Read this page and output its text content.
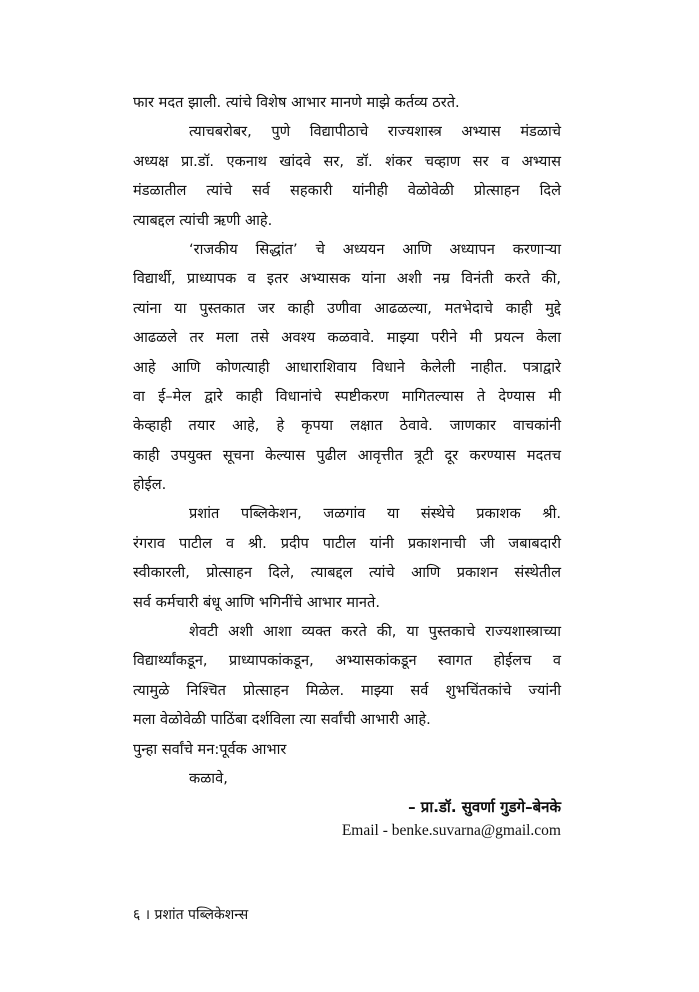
फार मदत झाली. त्यांचे विशेष आभार मानणे माझे कर्तव्य ठरते.
त्याचबरोबर, पुणे विद्यापीठाचे राज्यशास्त्र अभ्यास मंडळाचे
अध्यक्ष प्रा.डॉ. एकनाथ खांदवे सर, डॉ. शंकर चव्हाण सर व अभ्यास
मंडळातील त्यांचे सर्व सहकारी यांनीही वेळोवेळी प्रोत्साहन दिले
त्याबद्दल त्यांची ऋणी आहे.
‘राजकीय सिद्धांत’ चे अध्ययन आणि अध्यापन करणाऱ्या
विद्यार्थी, प्राध्यापक व इतर अभ्यासक यांना अशी नम्र विनंती करते की,
त्यांना या पुस्तकात जर काही उणीवा आढळल्या, मतभेदाचे काही मुद्दे
आढळले तर मला तसे अवश्य कळवावे. माझ्या परीने मी प्रयत्न केला
आहे आणि कोणत्याही आधाराशिवाय विधाने केलेली नाहीत. पत्राद्वारे
वा ई–मेल द्वारे काही विधानांचे स्पष्टीकरण मागितल्यास ते देण्यास मी
केव्हाही तयार आहे, हे कृपया लक्षात ठेवावे. जाणकार वाचकांनी
काही उपयुक्त सूचना केल्यास पुढील आवृत्तीत त्रूटी दूर करण्यास मदतच
होईल.
प्रशांत पब्लिकेशन, जळगांव या संस्थेचे प्रकाशक श्री.
रंगराव पाटील व श्री. प्रदीप पाटील यांनी प्रकाशनाची जी जबाबदारी
स्वीकारली, प्रोत्साहन दिले, त्याबद्दल त्यांचे आणि प्रकाशन संस्थेतील
सर्व कर्मचारी बंधू आणि भगिनींचे आभार मानते.
शेवटी अशी आशा व्यक्त करते की, या पुस्तकाचे राज्यशास्त्राच्या
विद्यार्थ्यांकडून, प्राध्यापकांकडून, अभ्यासकांकडून स्वागत होईलच व
त्यामुळे निश्चित प्रोत्साहन मिळेल. माझ्या सर्व शुभचिंतकांचे ज्यांनी
मला वेळोवेळी पाठिंबा दर्शविला त्या सर्वांची आभारी आहे.
पुन्हा सर्वांचे मन:पूर्वक आभार
कळावे,
– प्रा.डॉ. सुवर्णा गुडगे–बेनके
Email - benke.suvarna@gmail.com
६ । प्रशांत पब्लिकेशन्स
